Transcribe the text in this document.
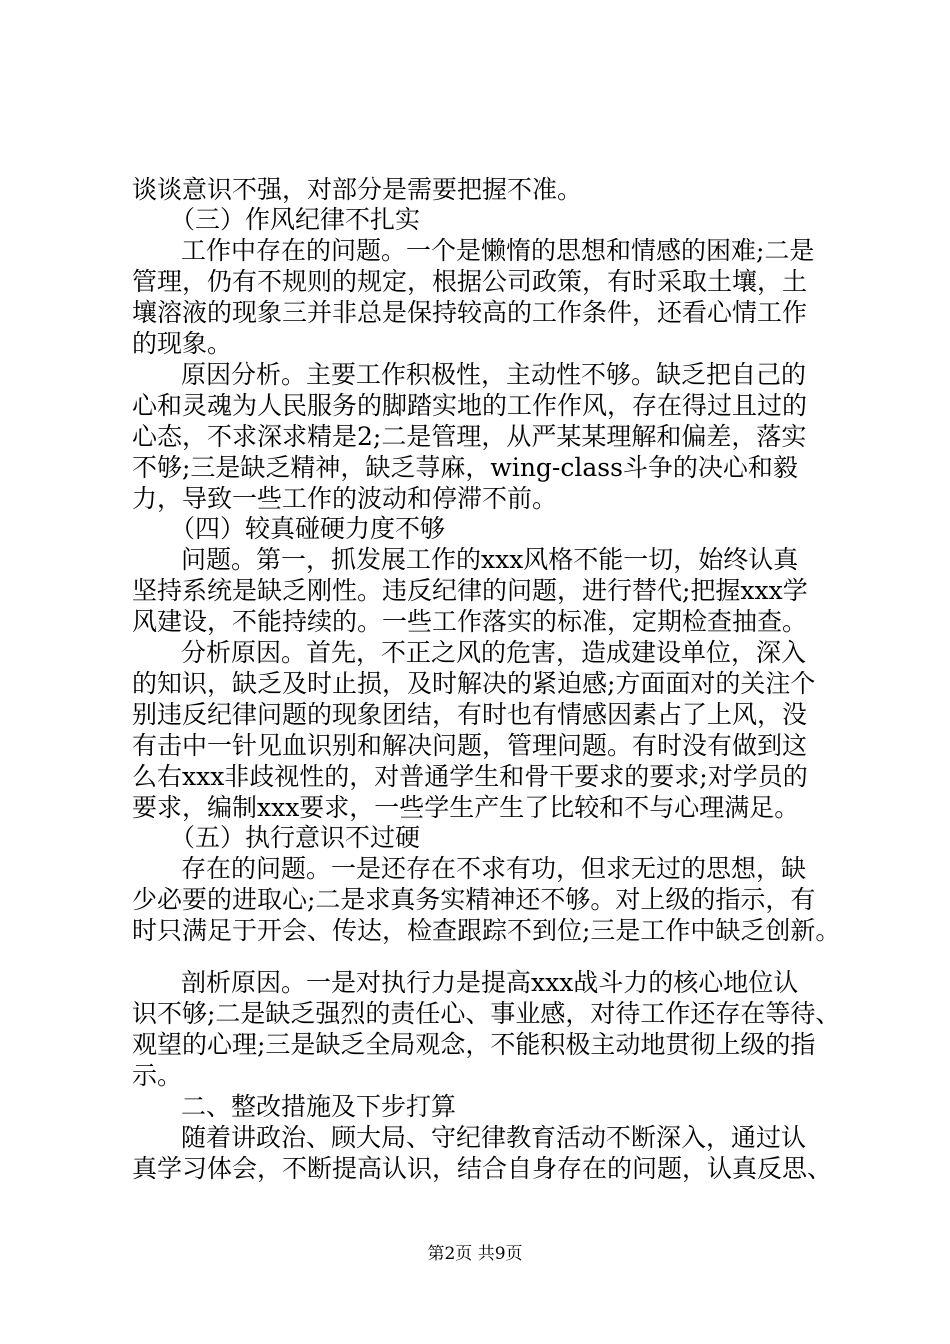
谈谈意识不强，对部分是需要把握不准。
（三）作风纪律不扎实
工作中存在的问题。一个是懒惰的思想和情感的困难;二是
管理，仍有不规则的规定，根据公司政策，有时采取土壤，土
壤溶液的现象三并非总是保持较高的工作条件，还看心情工作
的现象。
原因分析。主要工作积极性，主动性不够。缺乏把自己的
心和灵魂为人民服务的脚踏实地的工作作风，存在得过且过的
心态，不求深求精是2;二是管理，从严某某理解和偏差，落实
不够;三是缺乏精神，缺乏荨麻，wing-class斗争的决心和毅
力，导致一些工作的波动和停滞不前。
（四）较真碰硬力度不够
问题。第一，抓发展工作的xxx风格不能一切，始终认真
坚持系统是缺乏刚性。违反纪律的问题，进行替代;把握xxx学
风建设，不能持续的。一些工作落实的标准，定期检查抽查。
分析原因。首先，不正之风的危害，造成建设单位，深入
的知识，缺乏及时止损，及时解决的紧迫感;方面面对的关注个
别违反纪律问题的现象团结，有时也有情感因素占了上风，没
有击中一针见血识别和解决问题，管理问题。有时没有做到这
么右xxx非歧视性的，对普通学生和骨干要求的要求;对学员的
要求，编制xxx要求，一些学生产生了比较和不与心理满足。
（五）执行意识不过硬
存在的问题。一是还存在不求有功，但求无过的思想，缺
少必要的进取心;二是求真务实精神还不够。对上级的指示，有
时只满足于开会、传达，检查跟踪不到位;三是工作中缺乏创新。
剖析原因。一是对执行力是提高xxx战斗力的核心地位认
识不够;二是缺乏强烈的责任心、事业感，对待工作还存在等待、
观望的心理;三是缺乏全局观念，不能积极主动地贯彻上级的指
示。
二、整改措施及下步打算
随着讲政治、顾大局、守纪律教育活动不断深入，通过认
真学习体会，不断提高认识，结合自身存在的问题，认真反思、
第2页 共9页
